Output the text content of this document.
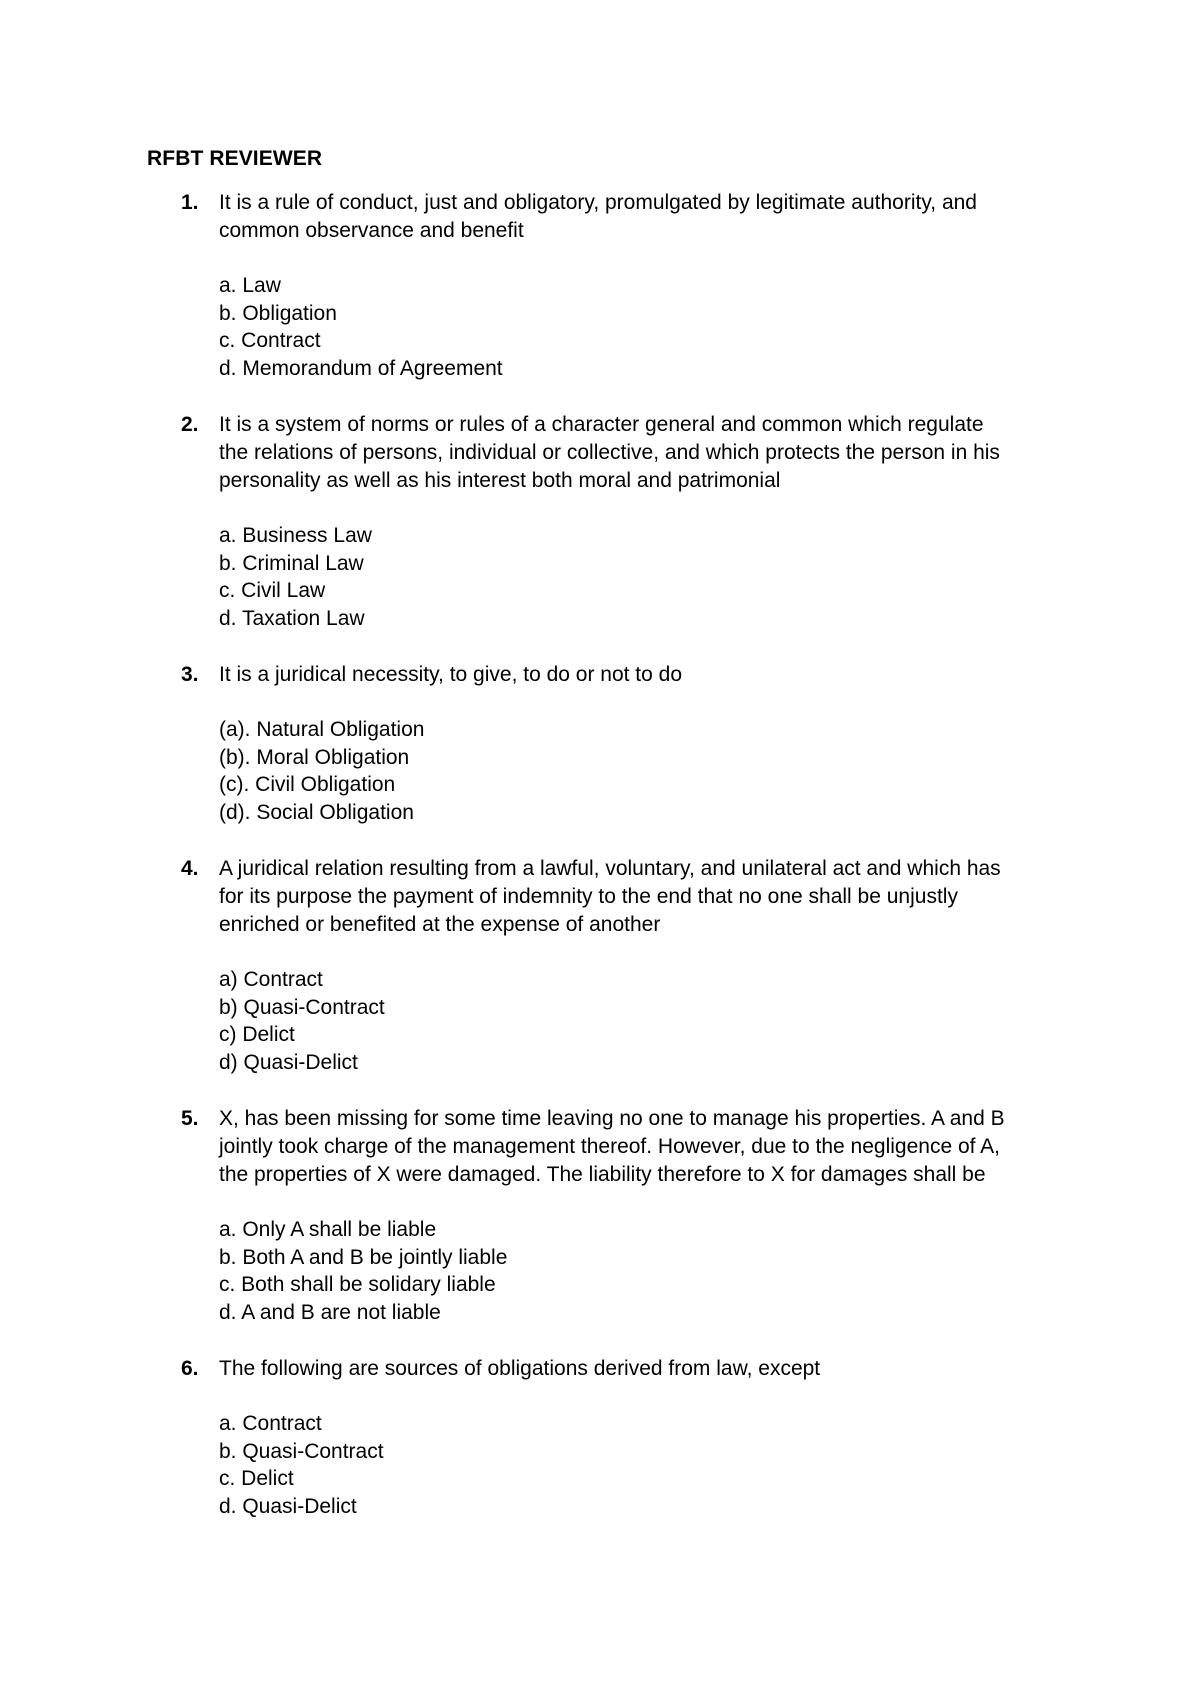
RFBT REVIEWER
1. It is a rule of conduct, just and obligatory, promulgated by legitimate authority, and
common observance and benefit

a. Law
b. Obligation
c. Contract
d. Memorandum of Agreement
2. It is a system of norms or rules of a character general and common which regulate
the relations of persons, individual or collective, and which protects the person in his
personality as well as his interest both moral and patrimonial

a. Business Law
b. Criminal Law
c. Civil Law
d. Taxation Law
3. It is a juridical necessity, to give, to do or not to do

(a). Natural Obligation
(b). Moral Obligation
(c). Civil Obligation
(d). Social Obligation
4. A juridical relation resulting from a lawful, voluntary, and unilateral act and which has
for its purpose the payment of indemnity to the end that no one shall be unjustly
enriched or benefited at the expense of another

a) Contract
b) Quasi-Contract
c) Delict
d) Quasi-Delict
5. X, has been missing for some time leaving no one to manage his properties. A and B
jointly took charge of the management thereof. However, due to the negligence of A,
the properties of X were damaged. The liability therefore to X for damages shall be

a. Only A shall be liable
b. Both A and B be jointly liable
c. Both shall be solidary liable
d. A and B are not liable
6. The following are sources of obligations derived from law, except

a. Contract
b. Quasi-Contract
c. Delict
d. Quasi-Delict
